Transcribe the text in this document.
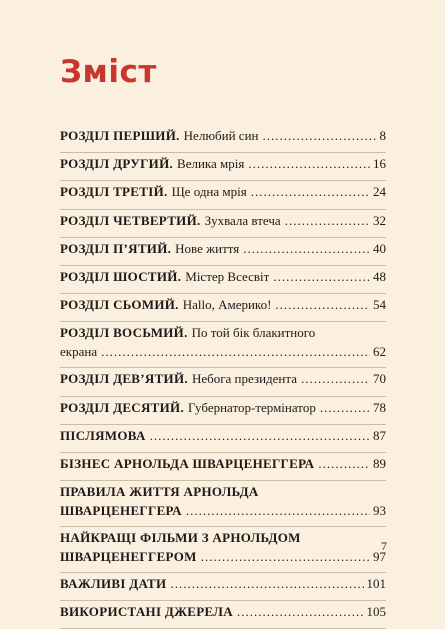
Зміст
РОЗДІЛ ПЕРШИЙ. Нелюбий син .....	8
РОЗДІЛ ДРУГИЙ. Велика мрія .....	16
РОЗДІЛ ТРЕТІЙ. Ще одна мрія .....	24
РОЗДІЛ ЧЕТВЕРТИЙ. Зухвала втеча .....	32
РОЗДІЛ П’ЯТИЙ. Нове життя .....	40
РОЗДІЛ ШОСТИЙ. Містер Всесвіт .....	48
РОЗДІЛ СЬОМИЙ. Hallo, Америко! .....	54
РОЗДІЛ ВОСЬМИЙ. По той бік блакитного
екрана .....	62
РОЗДІЛ ДЕВ’ЯТИЙ. Небога президента .....	70
РОЗДІЛ ДЕСЯТИЙ. Губернатор-термінатор .....	78
ПІСЛЯМОВА .....	87
БІЗНЕС АРНОЛЬДА ШВАРЦЕНЕГГЕРА .....	89
ПРАВИЛА ЖИТТЯ АРНОЛЬДА
ШВАРЦЕНЕГГЕРА .....	93
НАЙКРАЩІ ФІЛЬМИ З АРНОЛЬДОМ
ШВАРЦЕНЕГГЕРОМ .....	97
ВАЖЛИВІ ДАТИ .....	101
ВИКОРИСТАНІ ДЖЕРЕЛА .....	105
7
